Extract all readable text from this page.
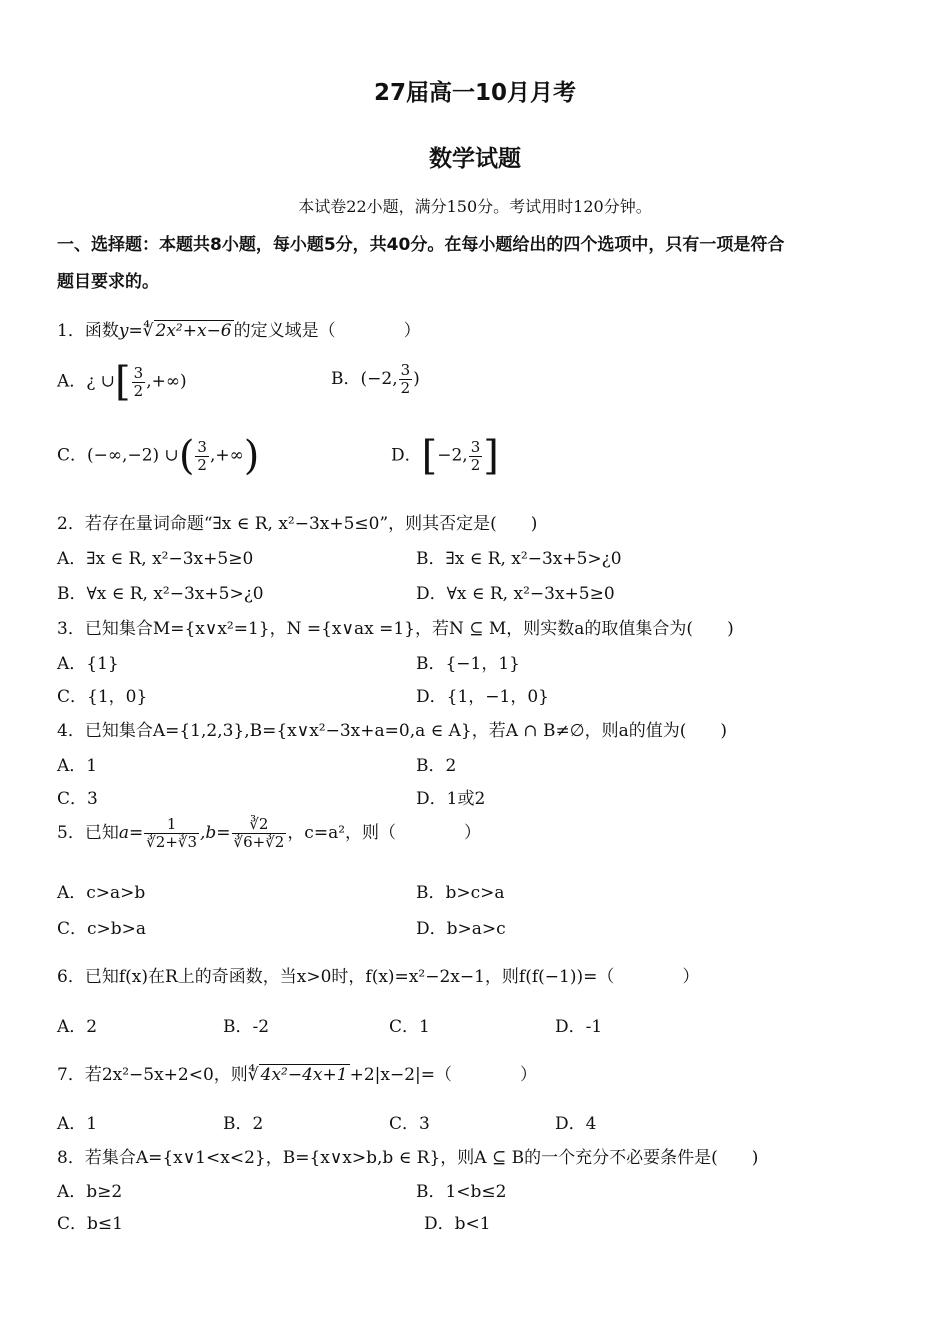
27届高一10月月考
数学试题
本试卷22小题，满分150分。考试用时120分钟。
一、选择题：本题共8小题，每小题5分，共40分。在每小题给出的四个选项中，只有一项是符合
题目要求的。
1．函数y=∜ 2x²+x−6 的定义域是（　　　　）
A．¿ ∪[ $\frac{3}{2}$ ,+∞)	B．(−2, $\frac{3}{2}$ )
C．(−∞,−2) ∪( $\frac{3}{2}$ ,+∞)	D．[−2, $\frac{3}{2}$ ]
2．若存在量词命题“∃x ∈ R, x²−3x+5≤0”，则其否定是(　　)
A．∃x ∈ R, x²−3x+5≥0	B．∃x ∈ R, x²−3x+5>¿0
B．∀x ∈ R, x²−3x+5>¿0	D．∀x ∈ R, x²−3x+5≥0
3．已知集合M={x∨x²=1}，N ={x∨ax =1}，若N ⊆ M，则实数a的取值集合为(　　)
A．{1}	B．{−1，1}
C．{1，0}	D．{1，−1，0}
4．已知集合A={1,2,3},B={x∨x²−3x+a=0,a ∈ A}，若A ∩ B≠∅，则a的值为(　　)
A．1	B．2
C．3	D．1或2
5．已知$a= \frac{1}{∛2+∛3} ,b= \frac{∛2}{∛6+∛2}$ ，c=a²，则（　　　　）
A．c>a>b	B．b>c>a
C．c>b>a	D．b>a>c
6．已知f(x)在R上的奇函数，当x>0时，f(x)=x²−2x−1，则f(f(−1))=（　　　　）
A．2	B．-2	C．1	D．-1
7．若2x²−5x+2<0，则∜ 4x²−4x+1 +2|x−2|=（　　　　）
A．1	B．2	C．3	D．4
8．若集合A={x∨1<x<2}，B={x∨x>b,b ∈ R}，则A ⊆ B的一个充分不必要条件是(　　)
A．b≥2	B．1<b≤2
C．b≤1	D．b<1
